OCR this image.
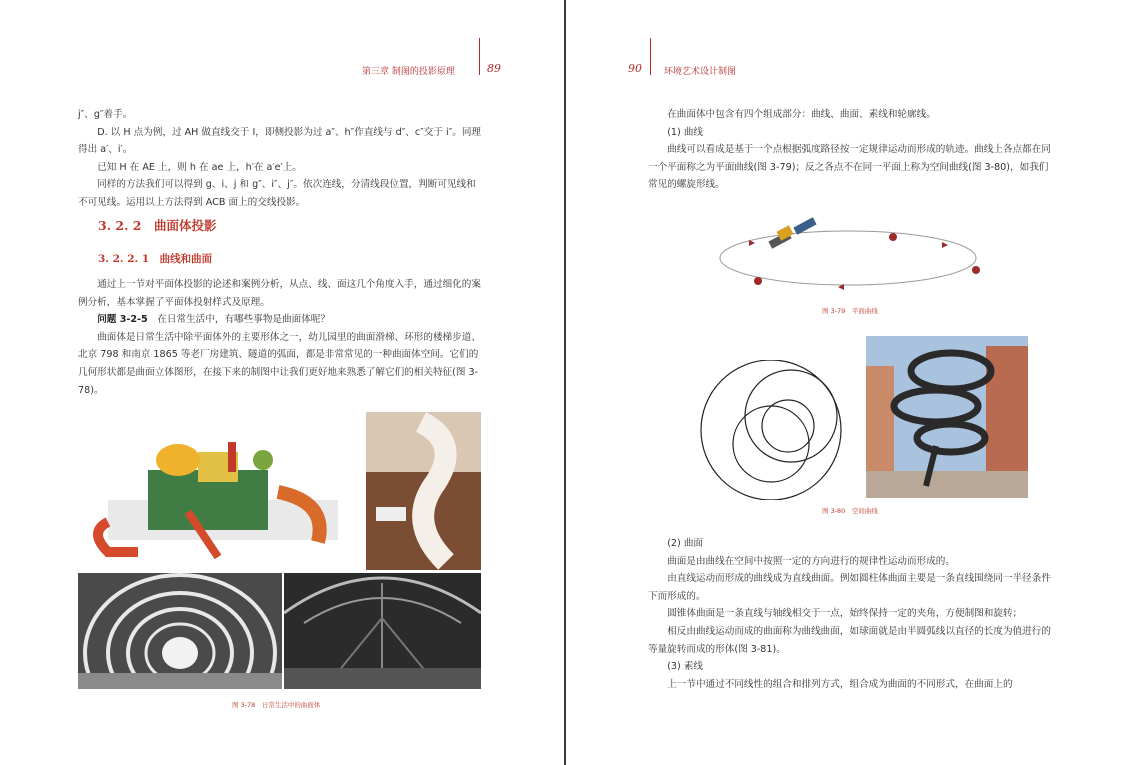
第三章 制图的投影原理	89

j″、g″着手。

D. 以 H 点为例，过 AH 做直线交于 I，即侧投影为过 a″、h″作直线与 d″、c″交于 i″。同理得出 a′、i′。

已知 H 在 AE 上，则 h 在 ae 上，h′在 a′e′上。

同样的方法我们可以得到 g、i、j 和 g″、i″、j″。依次连线，分清线段位置，判断可见线和不可见线。运用以上方法得到 ACB 面上的交线投影。

3. 2. 2　曲面体投影
3. 2. 2. 1　曲线和曲面

通过上一节对平面体投影的论述和案例分析，从点、线、面这几个角度入手，通过细化的案例分析，基本掌握了平面体投射样式及原理。

问题 3-2-5　在日常生活中，有哪些事物是曲面体呢？

曲面体是日常生活中除平面体外的主要形体之一，幼儿园里的曲面滑梯、环形的楼梯步道、北京 798 和南京 1865 等老厂房建筑、隧道的弧面，都是非常常见的一种曲面体空间。它们的几何形状都是曲面立体图形，在接下来的制图中让我们更好地来熟悉了解它们的相关特征(图 3-78)。

图 3-78　日常生活中的曲面体
90 环境艺术设计制图

在曲面体中包含有四个组成部分：曲线、曲面、素线和轮廓线。

(1) 曲线

曲线可以看成是基于一个点根据弧度路径按一定规律运动而形成的轨迹。曲线上各点都在同一个平面称之为平面曲线(图 3-79)；反之各点不在同一平面上称为空间曲线(图 3-80)，如我们常见的螺旋形线。

图 3-79　平面曲线
图 3-80　空间曲线

(2) 曲面

曲面是由曲线在空间中按照一定的方向进行的规律性运动而形成的。

由直线运动而形成的曲线成为直线曲面。例如圆柱体曲面主要是一条直线围绕同一半径条件下而形成的。

圆锥体曲面是一条直线与轴线相交于一点，始终保持一定的夹角，方便制图和旋转；

相反由曲线运动而成的曲面称为曲线曲面，如球面就是由半圆弧线以直径的长度为值进行的等量旋转而成的形体(图 3-81)。

(3) 素线

上一节中通过不同线性的组合和排列方式，组合成为曲面的不同形式，在曲面上的
